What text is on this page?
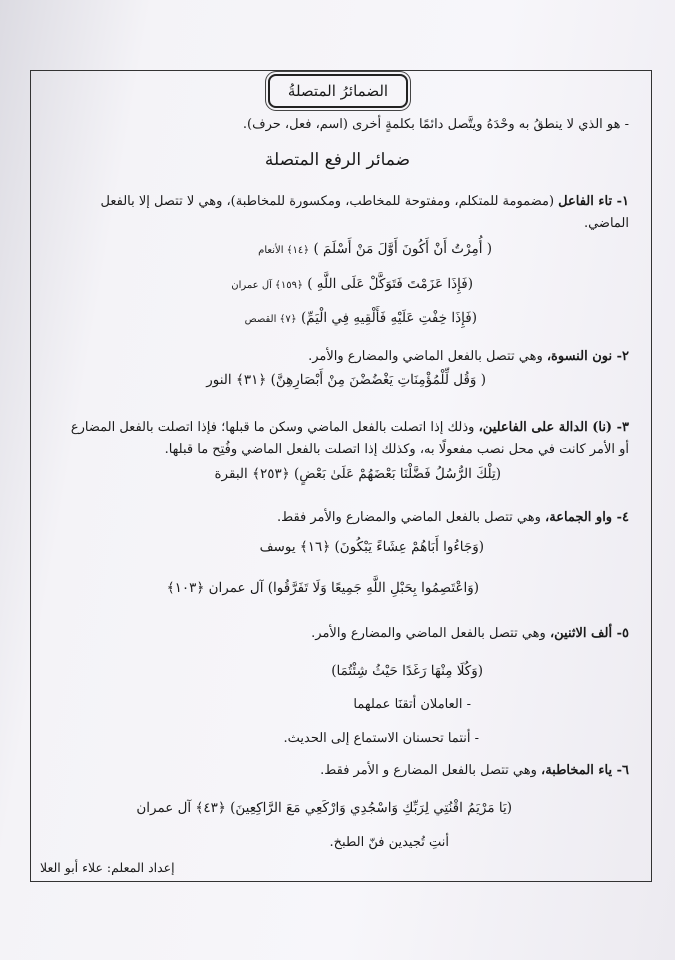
الضمائرُ المتصلةُ
- هو الذي لا ينطقُ به وحْدَهُ ويتَّصل دائمًا بكلمةٍ أخرى (اسم، فعل، حرف).
ضمائر الرفع المتصلة
١- تاء الفاعل (مضمومة للمتكلم، ومفتوحة للمخاطب، ومكسورة للمخاطبة)، وهي لا تتصل إلا بالفعل
الماضي.
( أُمِرْتُ أَنْ أَكُونَ أَوَّلَ مَنْ أَسْلَمَ ) ﴿١٤﴾ الأنعام
(فَإِذَا عَزَمْتَ فَتَوَكَّلْ عَلَى اللَّهِ ) ﴿١٥٩﴾ آل عمران
(فَإِذَا خِفْتِ عَلَيْهِ فَأَلْقِيهِ فِي الْيَمِّ) ﴿٧﴾ القصص
٢- نون النسوة، وهي تتصل بالفعل الماضي والمضارع والأمر.
( وَقُل لِّلْمُؤْمِنَاتِ يَغْضُضْنَ مِنْ أَبْصَارِهِنَّ) ﴿٣١﴾ النور
٣- (نا) الدالة على الفاعلين، وذلك إذا اتصلت بالفعل الماضي وسكن ما قبلها؛ فإذا اتصلت بالفعل المضارع
أو الأمر كانت في محل نصب مفعولًا به، وكذلك إذا اتصلت بالفعل الماضي وفُتِح ما قبلها.
(تِلْكَ الرُّسُلُ فَضَّلْنَا بَعْضَهُمْ عَلَىٰ بَعْضٍ) ﴿٢٥٣﴾ البقرة
٤- واو الجماعة، وهي تتصل بالفعل الماضي والمضارع والأمر فقط.
(وَجَاءُوا أَبَاهُمْ عِشَاءً يَبْكُونَ) ﴿١٦﴾ يوسف
(وَاعْتَصِمُوا بِحَبْلِ اللَّهِ جَمِيعًا وَلَا تَفَرَّقُوا) آل عمران ﴿١٠٣﴾
٥- ألف الاثنين، وهي تتصل بالفعل الماضي والمضارع والأمر.
(وَكُلَا مِنْهَا رَغَدًا حَيْثُ شِئْتُمَا)
- العاملان أتقنَا عملهما
- أنتما تحسنان الاستماع إلى الحديث.
٦- ياء المخاطبة، وهي تتصل بالفعل المضارع و الأمر فقط.
(يَا مَرْيَمُ اقْنُتِي لِرَبِّكِ وَاسْجُدِي وَارْكَعِي مَعَ الرَّاكِعِينَ) ﴿٤٣﴾ آل عمران
أنتِ تُجيدين فنّ الطبخ.
إعداد المعلم: علاء أبو العلا
